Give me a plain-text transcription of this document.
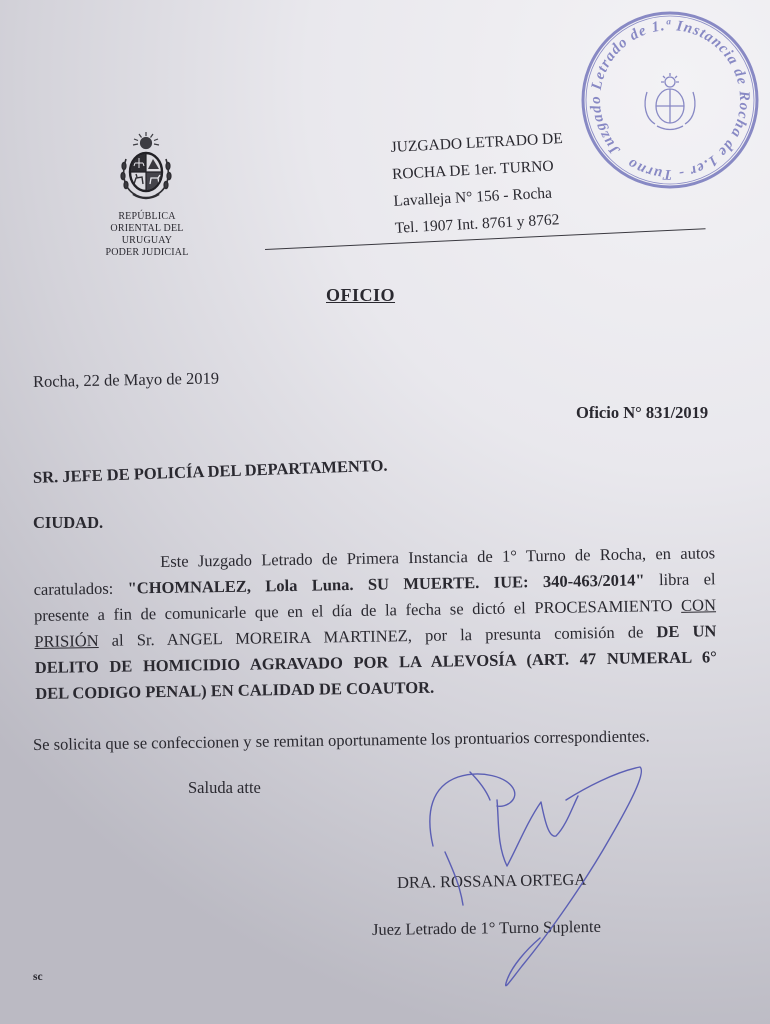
REPÚBLICA
ORIENTAL DEL
URUGUAY
PODER JUDICIAL
JUZGADO LETRADO DE
ROCHA DE 1er. TURNO
Lavalleja N° 156 - Rocha
Tel. 1907 Int. 8761 y 8762
Juzgado Letrado de 1.ª Instancia de Rocha de 1.er - Turno
OFICIO
Rocha, 22 de Mayo de 2019
Oficio N° 831/2019
SR. JEFE DE POLICÍA DEL DEPARTAMENTO.
CIUDAD.
Este Juzgado Letrado de Primera Instancia de 1° Turno de Rocha, en autos
caratulados: "CHOMNALEZ, Lola Luna. SU MUERTE. IUE: 340-463/2014" libra el
presente a fin de comunicarle que en el día de la fecha se dictó el PROCESAMIENTO CON
PRISIÓN al Sr. ANGEL MOREIRA MARTINEZ, por la presunta comisión de DE UN
DELITO DE HOMICIDIO AGRAVADO POR LA ALEVOSÍA (ART. 47 NUMERAL 6°
DEL CODIGO PENAL) EN CALIDAD DE COAUTOR.
Se solicita que se confeccionen y se remitan oportunamente los prontuarios correspondientes.
Saluda atte
DRA. ROSSANA ORTEGA
Juez Letrado de 1° Turno Suplente
sc
